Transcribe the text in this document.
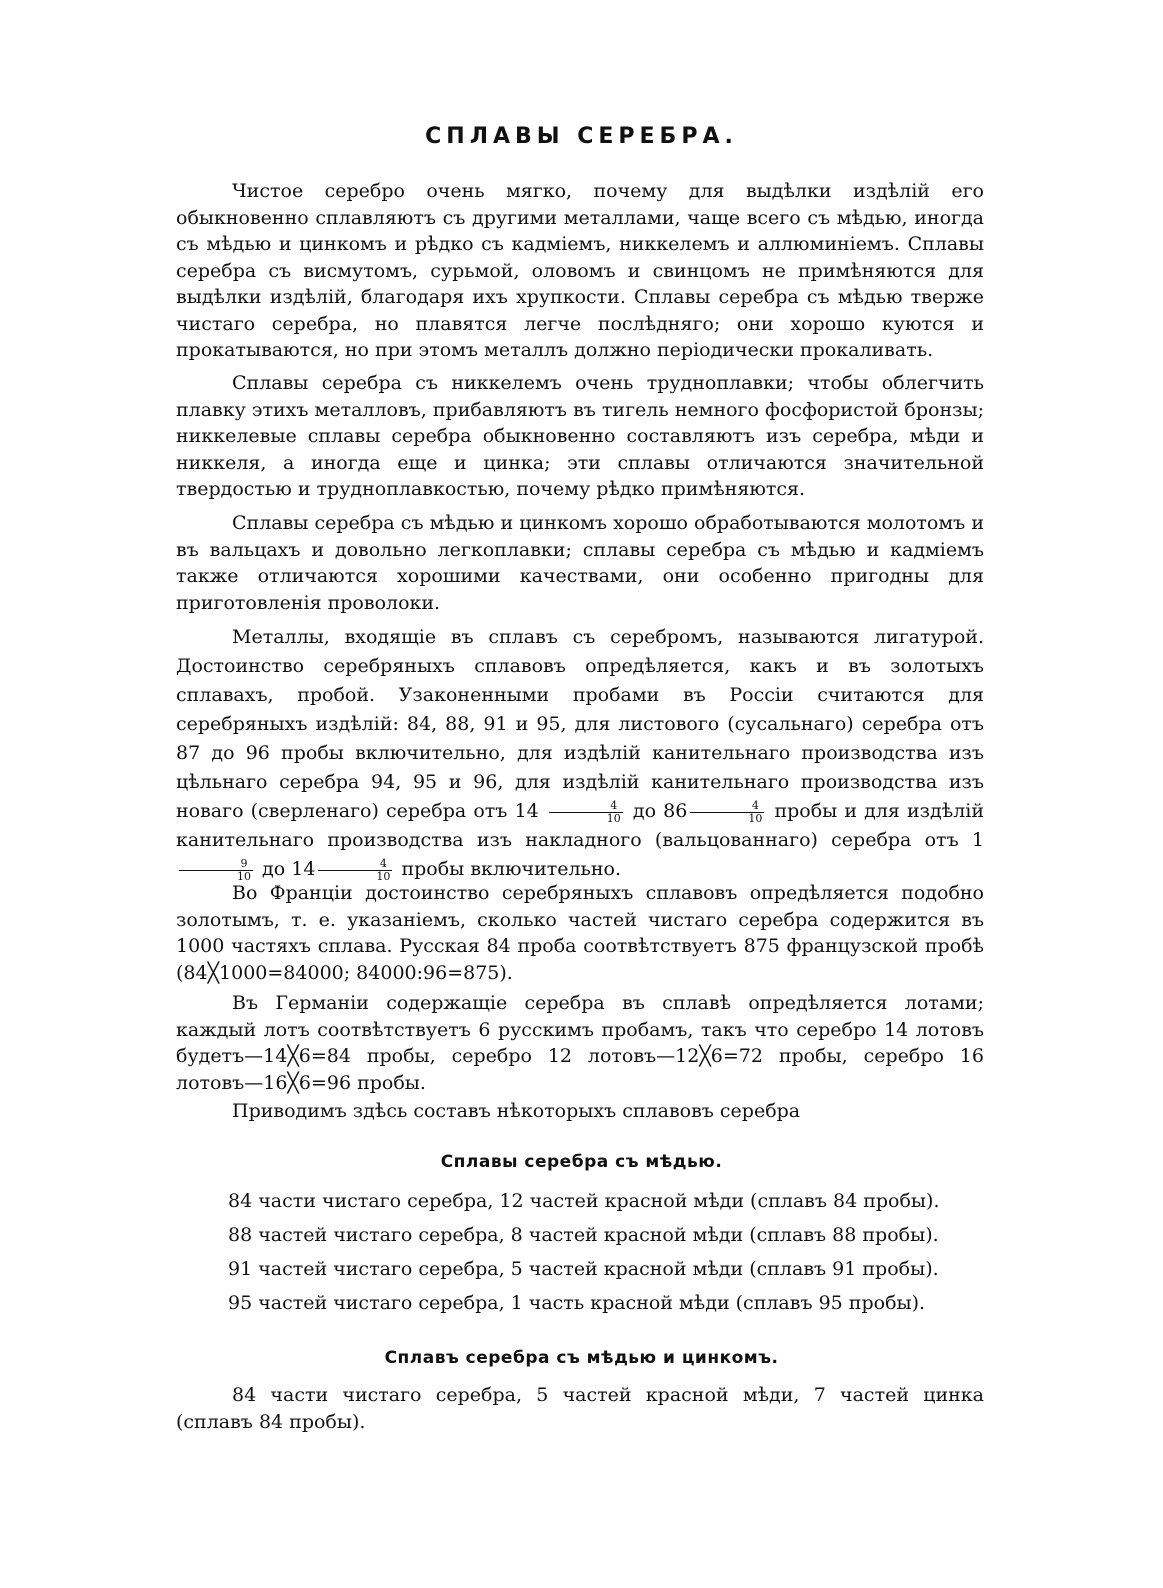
СПЛАВЫ СЕРЕБРА.

Чистое серебро очень мягко, почему для выдѣлки издѣлій его обыкновенно сплавляютъ съ другими металлами, чаще всего съ мѣдью, иногда съ мѣдью и цинкомъ и рѣдко съ кадміемъ, никкелемъ и аллюминіемъ. Сплавы серебра съ висмутомъ, сурьмой, оловомъ и свинцомъ не примѣняются для выдѣлки издѣлій, благодаря ихъ хрупкости. Сплавы серебра съ мѣдью тверже чистаго серебра, но плавятся легче послѣдняго; они хорошо куются и прокатываются, но при этомъ металлъ должно періодически прокаливать.

Сплавы серебра съ никкелемъ очень трудноплавки; чтобы облегчить плавку этихъ металловъ, прибавляютъ въ тигель немного фосфористой бронзы; никкелевые сплавы серебра обыкновенно составляютъ изъ серебра, мѣди и никкеля, а иногда еще и цинка; эти сплавы отличаются значительной твердостью и трудноплавкостью, почему рѣдко примѣняются.

Сплавы серебра съ мѣдью и цинкомъ хорошо обработываются молотомъ и въ вальцахъ и довольно легкоплавки; сплавы серебра съ мѣдью и кадміемъ также отличаются хорошими качествами, они особенно пригодны для приготовленія проволоки.

Металлы, входящіе въ сплавъ съ серебромъ, называются лигатурой. Достоинство серебряныхъ сплавовъ опредѣляется, какъ и въ золотыхъ сплавахъ, пробой. Узаконенными пробами въ Россіи считаются для серебряныхъ издѣлій: 84, 88, 91 и 95, для листового (сусальнаго) серебра отъ 87 до 96 пробы включительно, для издѣлій канительнаго производства изъ цѣльнаго серебра 94, 95 и 96, для издѣлій канительнаго производства изъ новаго (сверленаго) серебра отъ $14 \frac{4}{10}$ до $86 \frac{4}{10}$ пробы и для издѣлій канительнаго производства изъ накладного (вальцованнаго) серебра отъ 1
$\frac{9}{10}$ до $14 \frac{4}{10}$ пробы включительно.

Во Франціи достоинство серебряныхъ сплавовъ опредѣляется подобно золотымъ, т. е. указаніемъ, сколько частей чистаго серебра содержится въ 1000 частяхъ сплава. Русская 84 проба соотвѣтствуетъ 875 французской пробѣ (84╳1000=84000; 84000:96=875).

Въ Германіи содержащіе серебра въ сплавѣ опредѣляется лотами; каждый лотъ соотвѣтствуетъ 6 русскимъ пробамъ, такъ что серебро 14 лотовъ будетъ—14╳6=84 пробы, серебро 12 лотовъ—12╳6=72 пробы, серебро 16 лотовъ—16╳6=96 пробы.

Приводимъ здѣсь составъ нѣкоторыхъ сплавовъ серебра

Сплавы серебра съ мѣдью.
84 части чистаго серебра, 12 частей красной мѣди (сплавъ 84 пробы).
88 частей чистаго серебра, 8 частей красной мѣди (сплавъ 88 пробы).
91 частей чистаго серебра, 5 частей красной мѣди (сплавъ 91 пробы).
95 частей чистаго серебра, 1 часть красной мѣди (сплавъ 95 пробы).
Сплавъ серебра съ мѣдью и цинкомъ.

84 части чистаго серебра, 5 частей красной мѣди, 7 частей цинка (сплавъ 84 пробы).
